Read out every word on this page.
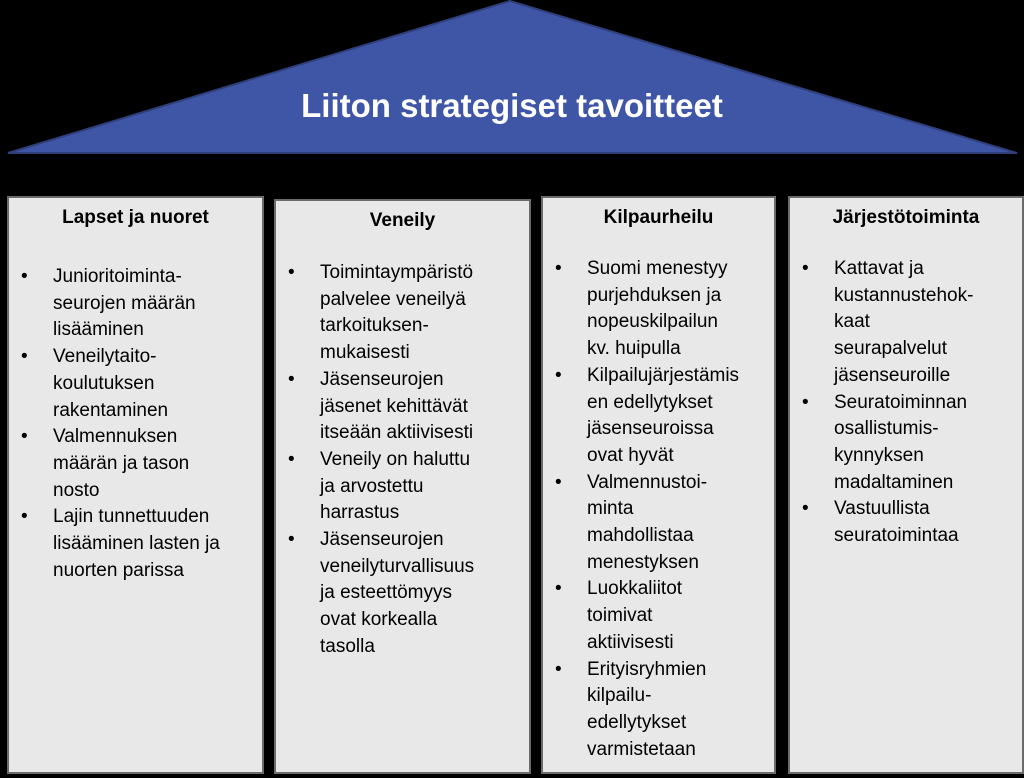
Liiton strategiset tavoitteet
Lapset ja nuoret
• Junioritoiminta-
seurojen määrän
lisääminen
• Veneilytaito-
koulutuksen
rakentaminen
• Valmennuksen
määrän ja tason
nosto
• Lajin tunnettuuden
lisääminen lasten ja
nuorten parissa
Veneily
• Toimintaympäristö
palvelee veneilyä
tarkoituksen-
mukaisesti
• Jäsenseurojen
jäsenet kehittävät
itseään aktiivisesti
• Veneily on haluttu
ja arvostettu
harrastus
• Jäsenseurojen
veneilyturvallisuus
ja esteettömyys
ovat korkealla
tasolla
Kilpaurheilu
• Suomi menestyy
purjehduksen ja
nopeuskilpailun
kv. huipulla
• Kilpailujärjestämis
en edellytykset
jäsenseuroissa
ovat hyvät
• Valmennustoi-
minta
mahdollistaa
menestyksen
• Luokkaliitot
toimivat
aktiivisesti
• Erityisryhmien
kilpailu-
edellytykset
varmistetaan
Järjestötoiminta
• Kattavat ja
kustannustehok-
kaat
seurapalvelut
jäsenseuroille
• Seuratoiminnan
osallistumis-
kynnyksen
madaltaminen
• Vastuullista
seuratoimintaa
